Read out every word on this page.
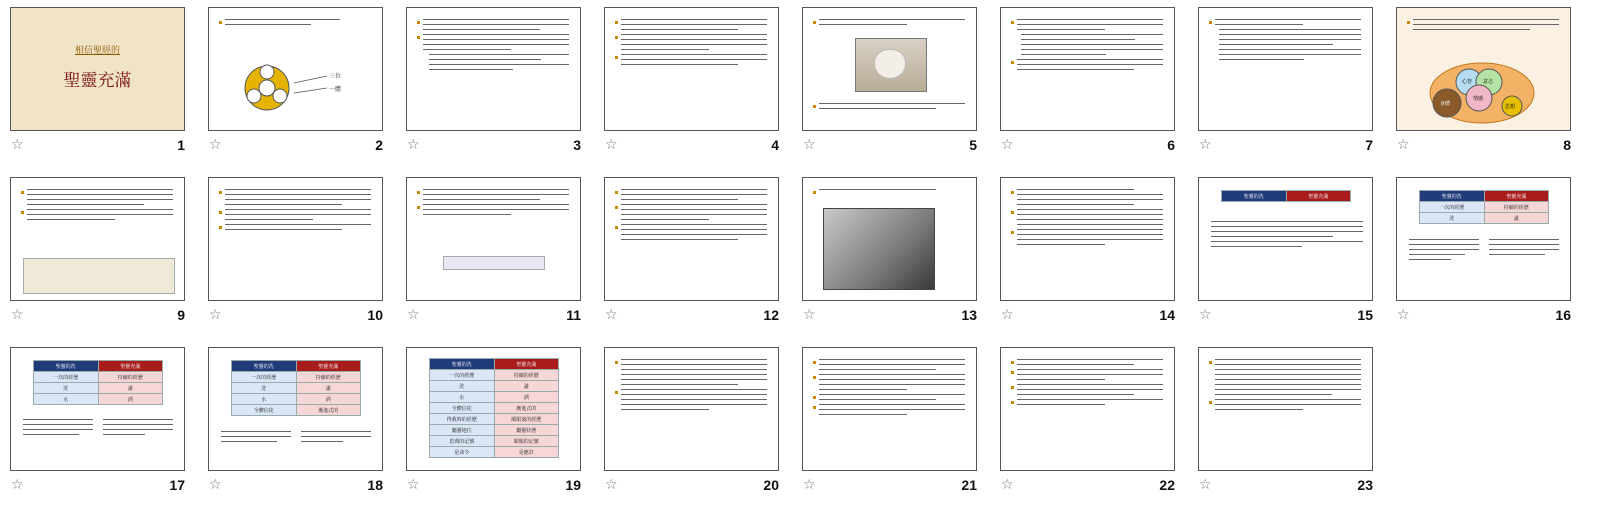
相信聖經的
聖靈充滿
☆	1
三位
一體
☆	2 ☆	3 ☆	4 ☆	5 ☆	6 ☆	7
心智 意志
情感
思想
身體
☆	8
☆	9 ☆	10 ☆	11 ☆	12 ☆	13 ☆	14
聖靈的洗	聖靈充滿
☆	15
聖靈的洗	聖靈充滿
一次的經歷	持續的經歷
洗	滿
☆	16
聖靈的洗	聖靈充滿
一次的經歷	持續的經歷
洗	滿
水	酒
☆	17
聖靈的洗	聖靈充滿
一次的經歷	持續的經歷
洗	滿
水	酒
全體信徒	漸進式的
☆	18
聖靈的洗	聖靈充滿
一次的經歷	持續的經歷
洗	滿
水	酒
全體信徒	漸進式的
得救時的經歷	順服後的經歷
屬靈地位	屬靈狀態
恩典的記號	順服的記號
是命令	是應許
☆	19 ☆	20 ☆	21 ☆	22 ☆	23
